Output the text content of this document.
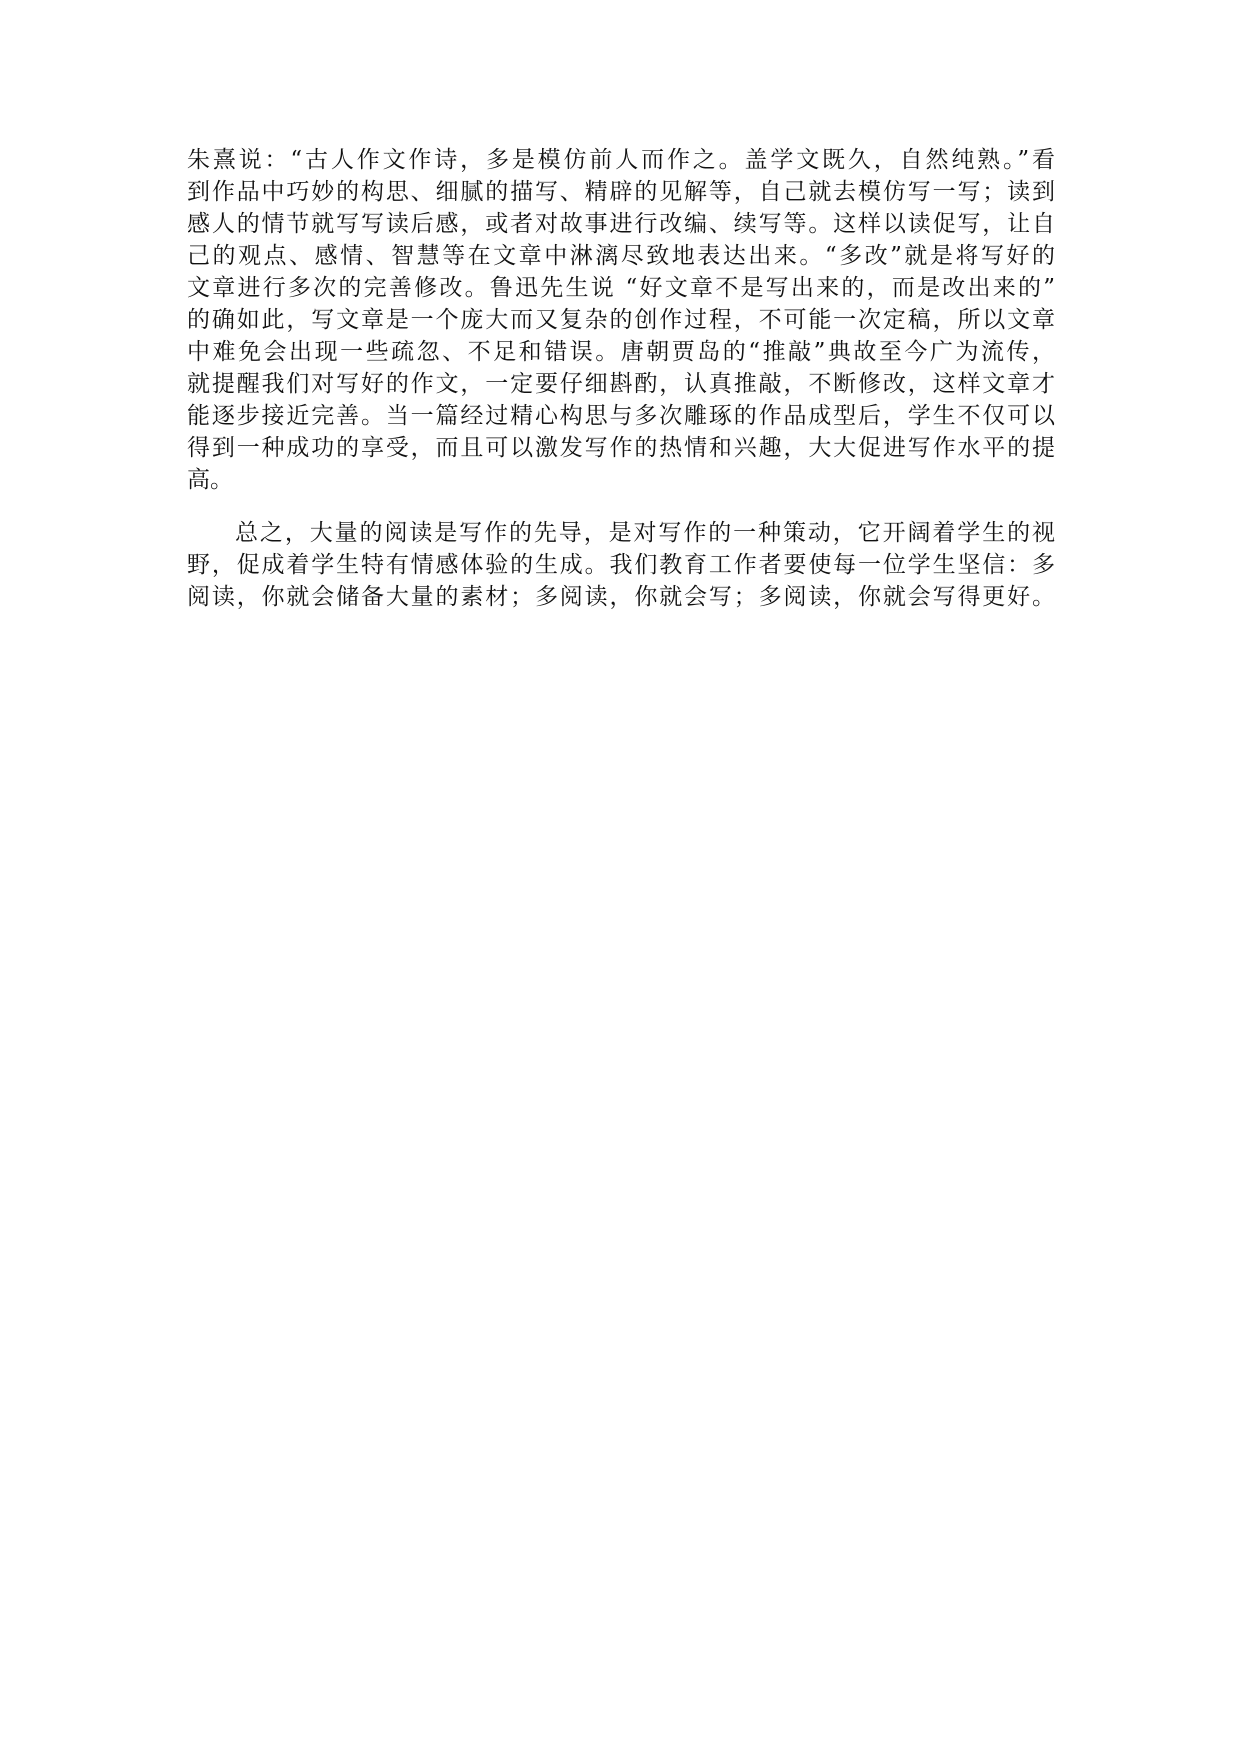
朱熹说：“古人作文作诗，多是模仿前人而作之。盖学文既久，自然纯熟。”看
到作品中巧妙的构思、细腻的描写、精辟的见解等，自己就去模仿写一写；读到
感人的情节就写写读后感，或者对故事进行改编、续写等。这样以读促写，让自
己的观点、感情、智慧等在文章中淋漓尽致地表达出来。“多改”就是将写好的
文章进行多次的完善修改。鲁迅先生说 “好文章不是写出来的，而是改出来的”
的确如此，写文章是一个庞大而又复杂的创作过程，不可能一次定稿，所以文章
中难免会出现一些疏忽、不足和错误。唐朝贾岛的“推敲”典故至今广为流传，
就提醒我们对写好的作文，一定要仔细斟酌，认真推敲，不断修改，这样文章才
能逐步接近完善。当一篇经过精心构思与多次雕琢的作品成型后，学生不仅可以
得到一种成功的享受，而且可以激发写作的热情和兴趣，大大促进写作水平的提
高。
总之，大量的阅读是写作的先导，是对写作的一种策动，它开阔着学生的视
野，促成着学生特有情感体验的生成。我们教育工作者要使每一位学生坚信：多
阅读，你就会储备大量的素材；多阅读，你就会写；多阅读，你就会写得更好。
